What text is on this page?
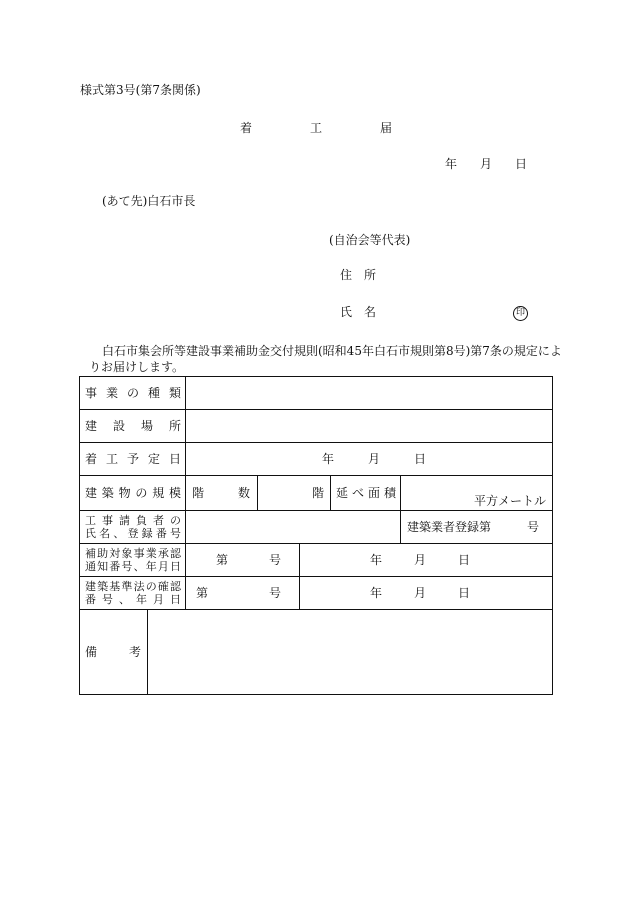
様式第3号(第7条関係)
着	工	届
年 月 日
(あて先)白石市長
(自治会等代表)
住　所
氏　名	印
白石市集会所等建設事業補助金交付規則(昭和45年白石市規則第8号)第7条の規定によ
りお届けします。
事業の種類						
建設場所						
着工予定日		年 月 日				

建築物の規模		階　数	階		延べ面積	平方メートル
工事請負者の
氏名、登録番号						建築業者登録第　　　号
補助対象事業承認
通知番号、年月日		第 号		年 月 日		

建築基準法の確認
番号、年月日		第 号		年 月 日		

備　考						
